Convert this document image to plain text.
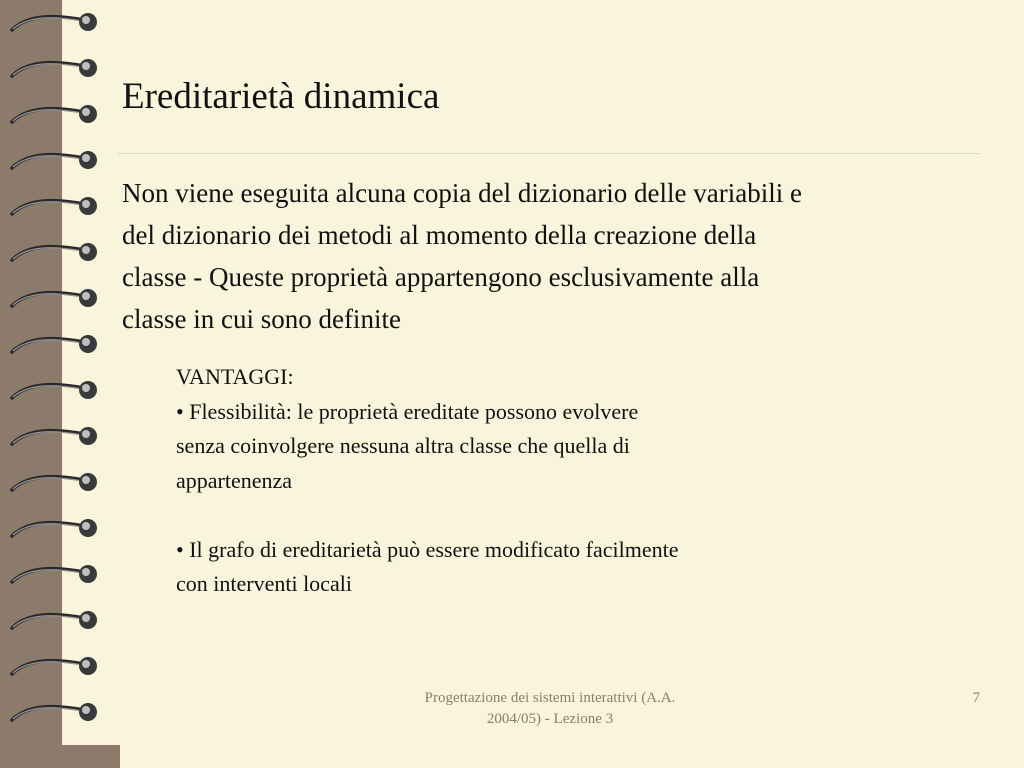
Ereditarietà dinamica
Non viene eseguita alcuna copia del dizionario delle variabili e
del dizionario dei metodi al momento della creazione della
classe - Queste proprietà appartengono esclusivamente alla
classe in cui sono definite
VANTAGGI:
• Flessibilità: le proprietà ereditate possono evolvere
senza coinvolgere nessuna altra classe che quella di
appartenenza
• Il grafo di ereditarietà può essere modificato facilmente
con interventi locali
Progettazione dei sistemi interattivi (A.A.
2004/05) - Lezione 3
7
